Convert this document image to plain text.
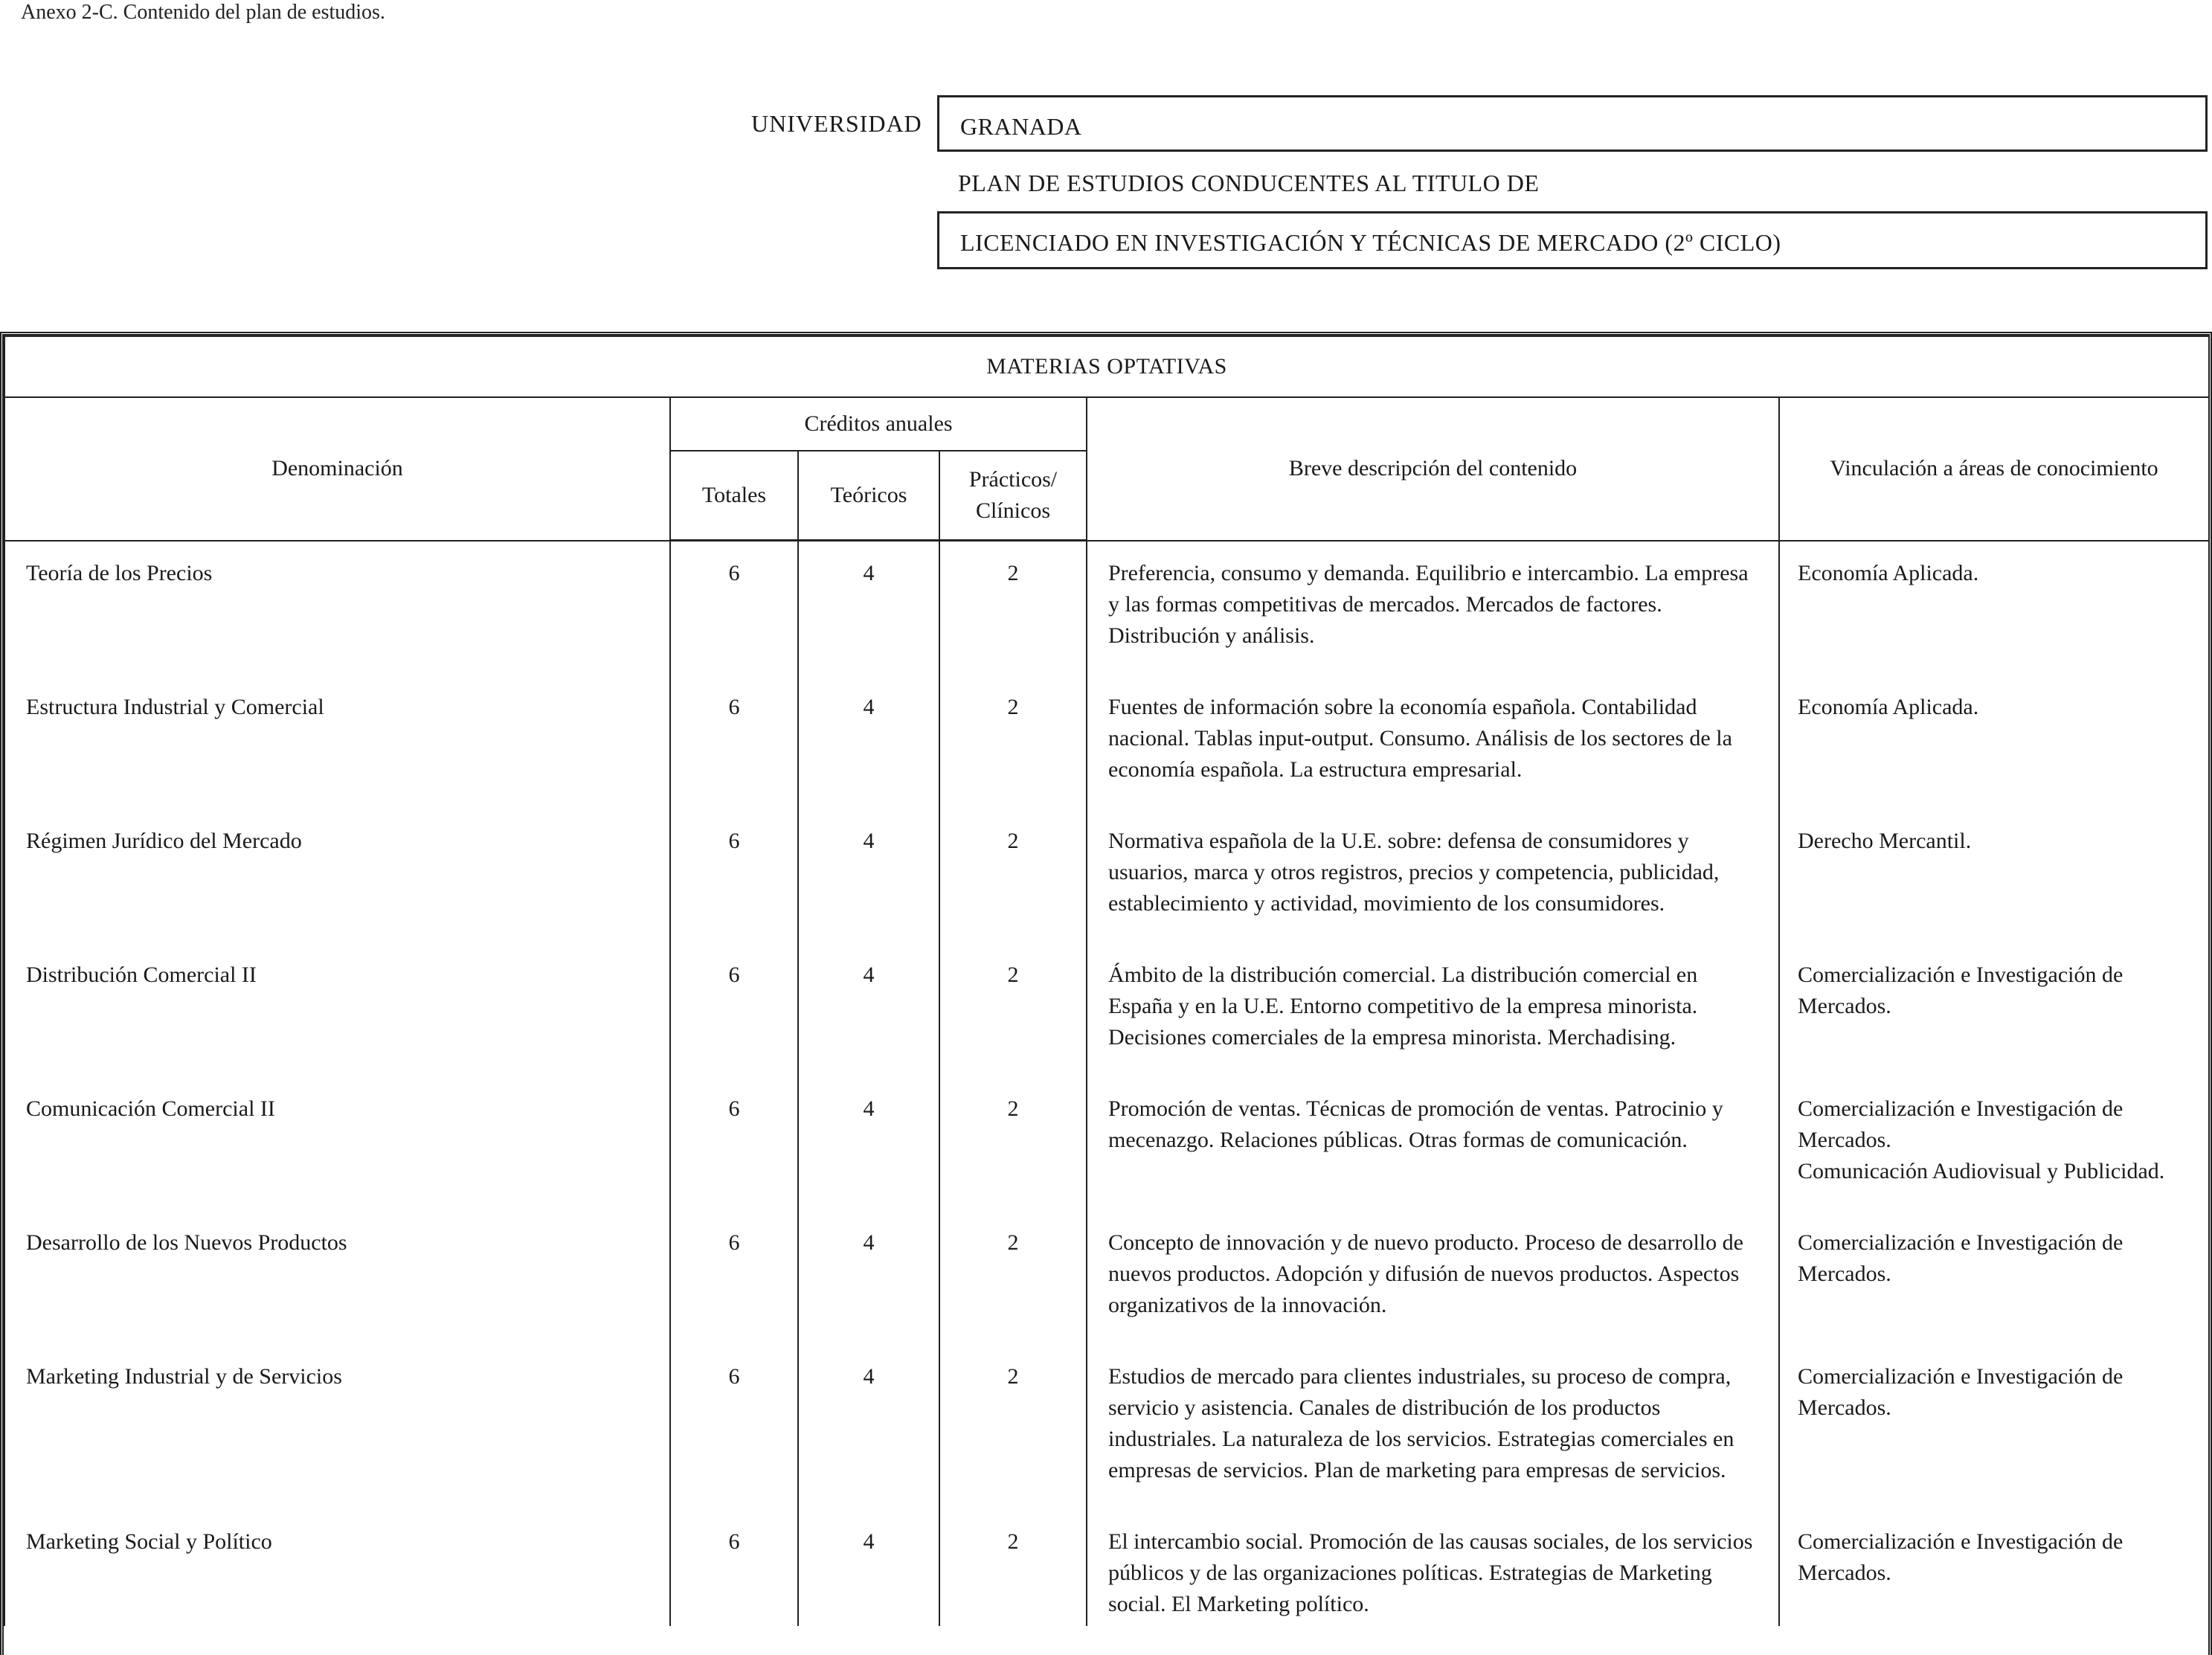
Anexo 2-C. Contenido del plan de estudios.
UNIVERSIDAD	GRANADA
PLAN DE ESTUDIOS CONDUCENTES AL TITULO DE
LICENCIADO EN INVESTIGACIÓN Y TÉCNICAS DE MERCADO (2º CICLO)
MATERIAS OPTATIVAS					
Denominación	Créditos anuales			Breve descripción del contenido	Vinculación a áreas de conocimiento
	Totales	Teóricos	Prácticos/ Clínicos		

Teoría de los Precios	6	4	2	Preferencia, consumo y demanda. Equilibrio e intercambio. La empresa y las formas competitivas de mercados. Mercados de factores. Distribución y análisis.	Economía Aplicada.

Estructura Industrial y Comercial	6	4	2	Fuentes de información sobre la economía española. Contabilidad nacional. Tablas input-output. Consumo. Análisis de los sectores de la economía española. La estructura empresarial.	Economía Aplicada.

Régimen Jurídico del Mercado	6	4	2	Normativa española de la U.E. sobre: defensa de consumidores y usuarios, marca y otros registros, precios y competencia, publicidad, establecimiento y actividad, movimiento de los consumidores.	Derecho Mercantil.

Distribución Comercial II	6	4	2	Ámbito de la distribución comercial. La distribución comercial en España y en la U.E. Entorno competitivo de la empresa minorista. Decisiones comerciales de la empresa minorista. Merchadising.	Comercialización e Investigación de Mercados.

Comunicación Comercial II	6	4	2	Promoción de ventas. Técnicas de promoción de ventas. Patrocinio y mecenazgo. Relaciones públicas. Otras formas de comunicación.	Comercialización e Investigación de Mercados.
Comunicación Audiovisual y Publicidad.

Desarrollo de los Nuevos Productos	6	4	2	Concepto de innovación y de nuevo producto. Proceso de desarrollo de nuevos productos. Adopción y difusión de nuevos productos. Aspectos organizativos de la innovación.	Comercialización e Investigación de Mercados.

Marketing Industrial y de Servicios	6	4	2	Estudios de mercado para clientes industriales, su proceso de compra, servicio y asistencia. Canales de distribución de los productos industriales. La naturaleza de los servicios. Estrategias comerciales en empresas de servicios. Plan de marketing para empresas de servicios.	Comercialización e Investigación de Mercados.

Marketing Social y Político	6	4	2	El intercambio social. Promoción de las causas sociales, de los servicios públicos y de las organizaciones políticas. Estrategias de Marketing social. El Marketing político.	Comercialización e Investigación de Mercados.
